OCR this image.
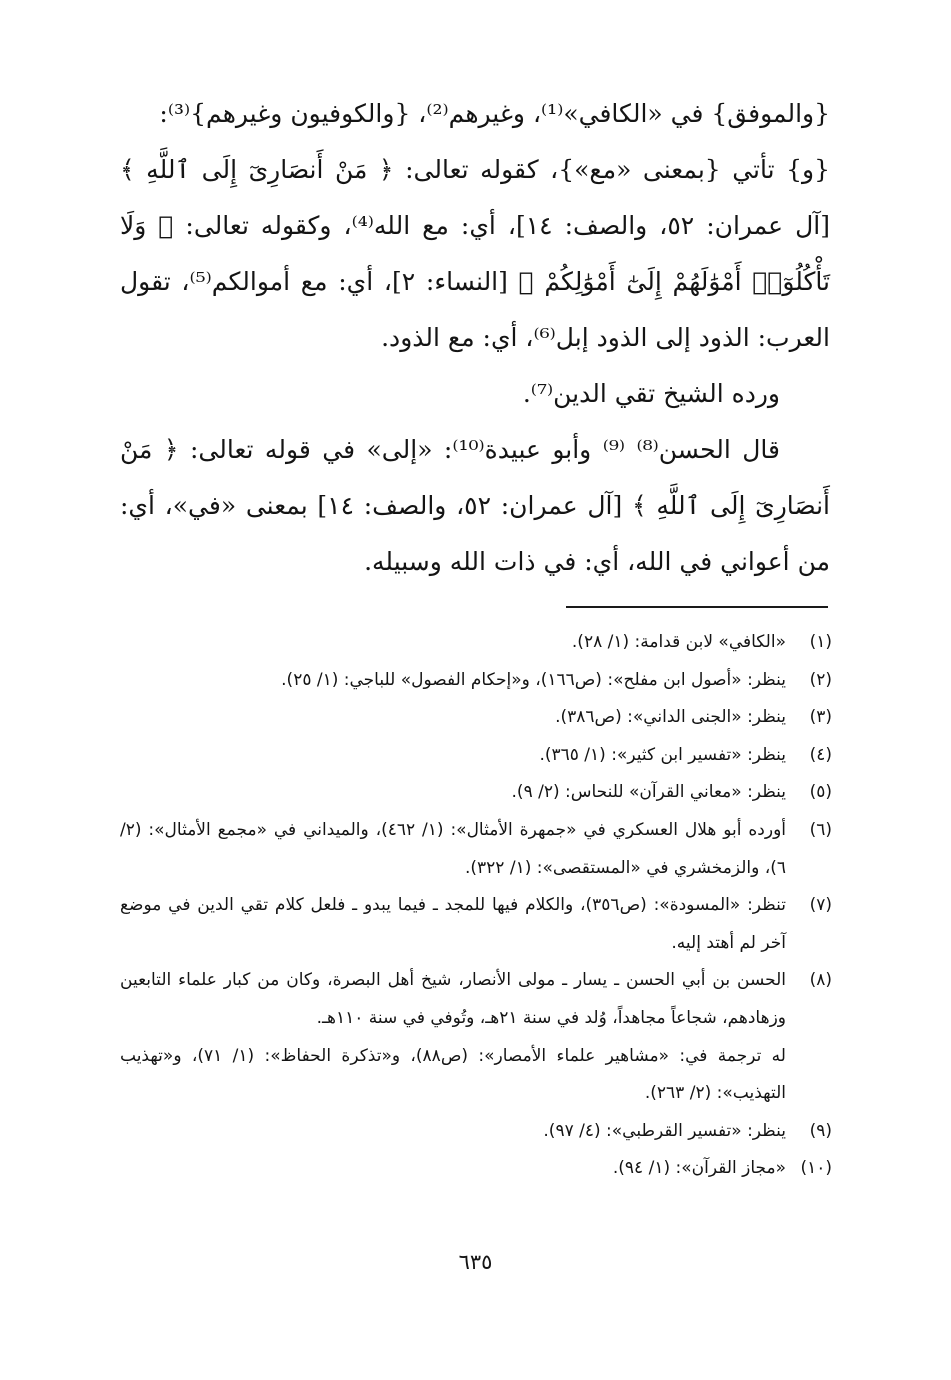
{والموفق} في «الكافي»⁽¹⁾، وغيرهم⁽²⁾، {والكوفيون وغيرهم}⁽³⁾:

{و} تأتي {بمعنى «مع»}، كقوله تعالى: ﴿ مَنْ أَنصَارِىٓ إِلَى ٱللَّهِ ﴾ [آل عمران: ٥٢، والصف: ١٤]، أي: مع الله⁽⁴⁾، وكقوله تعالى: ﴿ وَلَا تَأْكُلُوٓا۟ أَمْوَٰلَهُمْ إِلَىٰٓ أَمْوَٰلِكُمْ ﴾ [النساء: ٢]، أي: مع أموالكم⁽⁵⁾، تقول العرب: الذود إلى الذود إبل⁽⁶⁾، أي: مع الذود.

ورده الشيخ تقي الدين⁽⁷⁾.

قال الحسن⁽⁸⁾ ⁽⁹⁾ وأبو عبيدة⁽¹⁰⁾: «إلى» في قوله تعالى: ﴿ مَنْ أَنصَارِىٓ إِلَى ٱللَّهِ ﴾ [آل عمران: ٥٢، والصف: ١٤] بمعنى «في»، أي: من أعواني في الله، أي: في ذات الله وسبيله.

(١)

«الكافي» لابن قدامة: (١/ ٢٨).

(٢)

ينظر: «أصول ابن مفلح»: (ص١٦٦)، و«إحكام الفصول» للباجي: (١/ ٢٥).

(٣)

ينظر: «الجنى الداني»: (ص٣٨٦).

(٤)

ينظر: «تفسير ابن كثير»: (١/ ٣٦٥).

(٥)

ينظر: «معاني القرآن» للنحاس: (٢/ ٩).

(٦)

أورده أبو هلال العسكري في «جمهرة الأمثال»: (١/ ٤٦٢)، والميداني في «مجمع الأمثال»: (٢/ ٦)، والزمخشري في «المستقصى»: (١/ ٣٢٢).

(٧)

تنظر: «المسودة»: (ص٣٥٦)، والكلام فيها للمجد ـ فيما يبدو ـ فلعل كلام تقي الدين في موضع آخر لم أهتد إليه.

(٨)

الحسن بن أبي الحسن ـ يسار ـ مولى الأنصار، شيخ أهل البصرة، وكان من كبار علماء التابعين وزهادهم، شجاعاً مجاهداً، وُلد في سنة ٢١هـ، وتُوفي في سنة ١١٠هـ.

له ترجمة في: «مشاهير علماء الأمصار»: (ص٨٨)، و«تذكرة الحفاظ»: (١/ ٧١)، و«تهذيب التهذيب»: (٢/ ٢٦٣).

(٩)

ينظر: «تفسير القرطبي»: (٤/ ٩٧).

(١٠)

«مجاز القرآن»: (١/ ٩٤).

٦٣٥
